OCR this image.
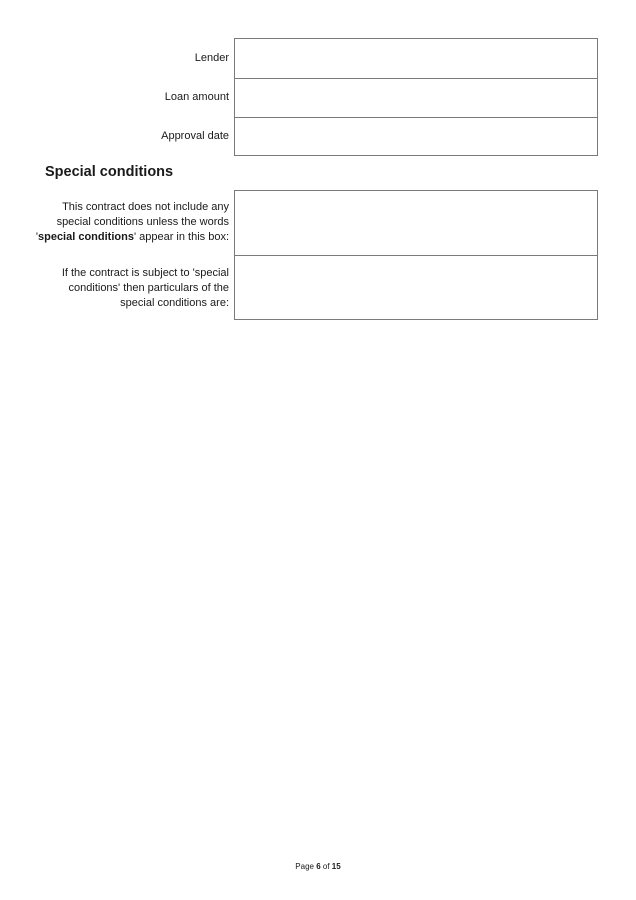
Lender
Loan amount
Approval date
Special conditions
This contract does not include any
special conditions unless the words
'special conditions' appear in this box:
If the contract is subject to 'special
conditions' then particulars of the
special conditions are:
Page 6 of 15
